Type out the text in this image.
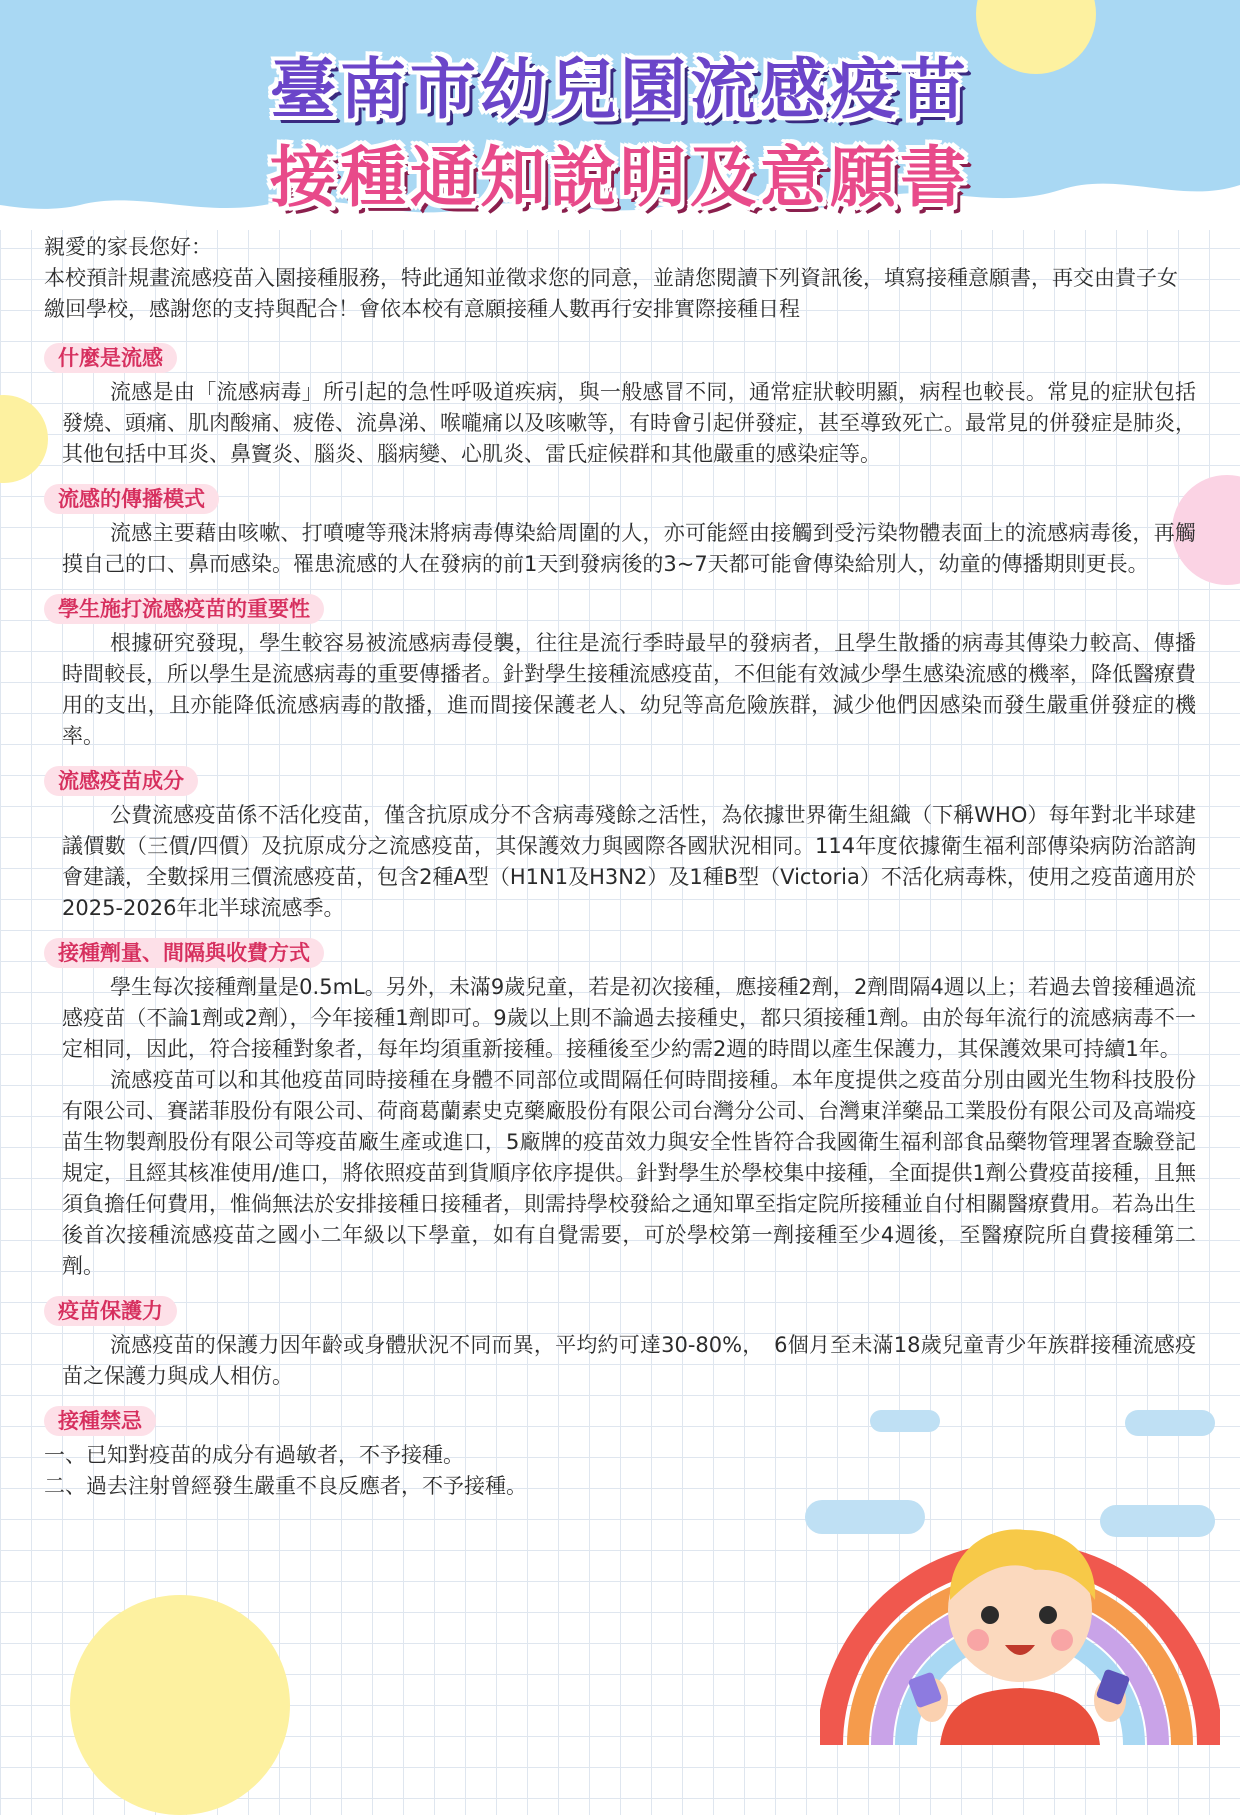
臺南市幼兒園流感疫苗
接種通知說明及意願書

親愛的家長您好：

本校預計規畫流感疫苗入園接種服務，特此通知並徵求您的同意，並請您閱讀下列資訊後，填寫接種意願書，再交由貴子女繳回學校，感謝您的支持與配合！會依本校有意願接種人數再行安排實際接種日程

什麼是流感

流感是由「流感病毒」所引起的急性呼吸道疾病，與一般感冒不同，通常症狀較明顯，病程也較長。常見的症狀包括發燒、頭痛、肌肉酸痛、疲倦、流鼻涕、喉嚨痛以及咳嗽等，有時會引起併發症，甚至導致死亡。最常見的併發症是肺炎，其他包括中耳炎、鼻竇炎、腦炎、腦病變、心肌炎、雷氏症候群和其他嚴重的感染症等。

流感的傳播模式

流感主要藉由咳嗽、打噴嚏等飛沫將病毒傳染給周圍的人，亦可能經由接觸到受污染物體表面上的流感病毒後，再觸摸自己的口、鼻而感染。罹患流感的人在發病的前1天到發病後的3~7天都可能會傳染給別人，幼童的傳播期則更長。

學生施打流感疫苗的重要性

根據研究發現，學生較容易被流感病毒侵襲，往往是流行季時最早的發病者，且學生散播的病毒其傳染力較高、傳播時間較長，所以學生是流感病毒的重要傳播者。針對學生接種流感疫苗，不但能有效減少學生感染流感的機率，降低醫療費用的支出，且亦能降低流感病毒的散播，進而間接保護老人、幼兒等高危險族群，減少他們因感染而發生嚴重併發症的機率。

流感疫苗成分

公費流感疫苗係不活化疫苗，僅含抗原成分不含病毒殘餘之活性，為依據世界衛生組織（下稱WHO）每年對北半球建議價數（三價/四價）及抗原成分之流感疫苗，其保護效力與國際各國狀況相同。114年度依據衛生福利部傳染病防治諮詢會建議，全數採用三價流感疫苗，包含2種A型（H1N1及H3N2）及1種B型（Victoria）不活化病毒株，使用之疫苗適用於2025-2026年北半球流感季。

接種劑量、間隔與收費方式

學生每次接種劑量是0.5mL。另外，未滿9歲兒童，若是初次接種，應接種2劑，2劑間隔4週以上；若過去曾接種過流感疫苗（不論1劑或2劑），今年接種1劑即可。9歲以上則不論過去接種史，都只須接種1劑。由於每年流行的流感病毒不一定相同，因此，符合接種對象者，每年均須重新接種。接種後至少約需2週的時間以產生保護力，其保護效果可持續1年。

流感疫苗可以和其他疫苗同時接種在身體不同部位或間隔任何時間接種。本年度提供之疫苗分別由國光生物科技股份有限公司、賽諾菲股份有限公司、荷商葛蘭素史克藥廠股份有限公司台灣分公司、台灣東洋藥品工業股份有限公司及高端疫苗生物製劑股份有限公司等疫苗廠生產或進口，5廠牌的疫苗效力與安全性皆符合我國衛生福利部食品藥物管理署查驗登記規定，且經其核准使用/進口，將依照疫苗到貨順序依序提供。針對學生於學校集中接種，全面提供1劑公費疫苗接種，且無須負擔任何費用，惟倘無法於安排接種日接種者，則需持學校發給之通知單至指定院所接種並自付相關醫療費用。若為出生後首次接種流感疫苗之國小二年級以下學童，如有自覺需要，可於學校第一劑接種至少4週後，至醫療院所自費接種第二劑。

疫苗保護力

流感疫苗的保護力因年齡或身體狀況不同而異，平均約可達30-80%，　6個月至未滿18歲兒童青少年族群接種流感疫苗之保護力與成人相仿。

接種禁忌

一、已知對疫苗的成分有過敏者，不予接種。

二、過去注射曾經發生嚴重不良反應者，不予接種。
